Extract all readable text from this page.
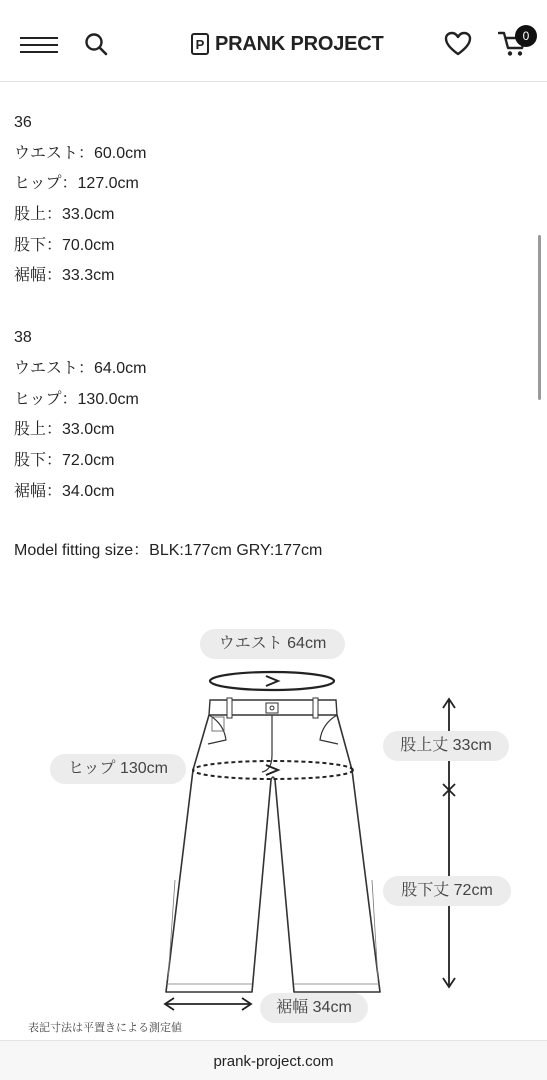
P PRANK PROJECT	0
36
ウエスト：60.0cm
ヒップ：127.0cm
股上：33.0cm
股下：70.0cm
裾幅：33.3cm
38
ウエスト：64.0cm
ヒップ：130.0cm
股上：33.0cm
股下：72.0cm
裾幅：34.0cm
Model fitting size：BLK:177cm GRY:177cm
ウエスト 64cm
ヒップ 130cm
股上丈 33cm
股下丈 72cm
裾幅 34cm
表記寸法は平置きによる測定値
prank-project.com
